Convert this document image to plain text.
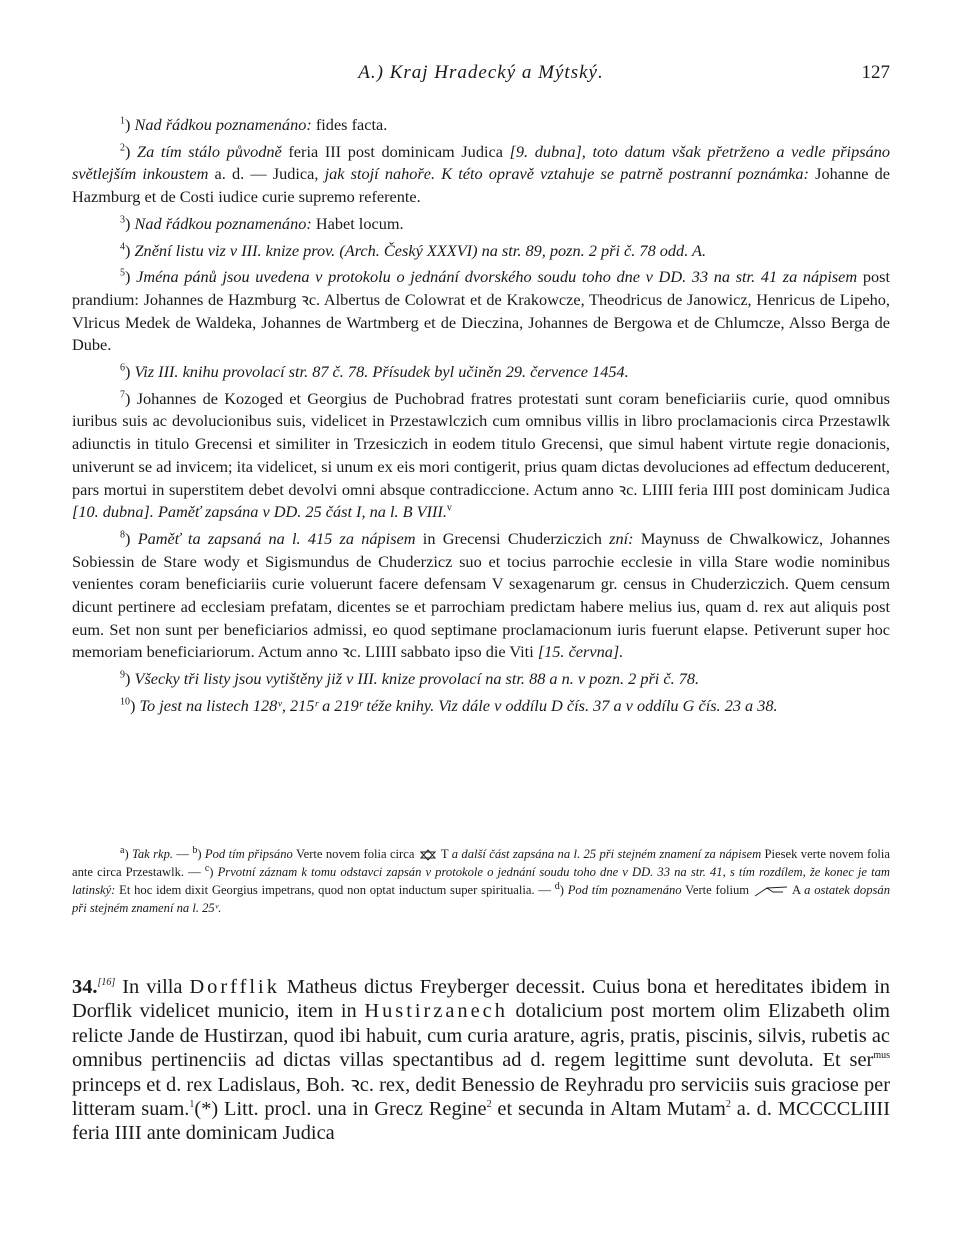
A.) Kraj Hradecký a Mýtský.	127

$^1$) Nad řádkou poznamenáno: fides facta.

$^2$) Za tím stálo původně feria III post dominicam Judica [9. dubna], toto datum však přetrženo a vedle připsáno světlejším inkoustem a. d. — Judica, jak stojí nahoře. K této opravě vztahuje se patrně postranní poznámka: Johanne de Hazmburg et de Costi iudice curie supremo referente.

$^3$) Nad řádkou poznamenáno: Habet locum.

$^4$) Znění listu viz v III. knize prov. (Arch. Český XXXVI) na str. 89, pozn. 2 při č. 78 odd. A.

$^5$) Jména pánů jsou uvedena v protokolu o jednání dvorského soudu toho dne v DD. 33 na str. 41 za nápisem post prandium: Johannes de Hazmburg ꝛc. Albertus de Colowrat et de Krakowcze, Theodricus de Janowicz, Henricus de Lipeho, Vlricus Medek de Waldeka, Johannes de Wartmberg et de Dieczina, Johannes de Bergowa et de Chlumcze, Alsso Berga de Dube.

$^6$) Viz III. knihu provolací str. 87 č. 78. Přísudek byl učiněn 29. července 1454.

$^7$) Johannes de Kozoged et Georgius de Puchobrad fratres protestati sunt coram beneficiariis curie, quod omnibus iuribus suis ac devolucionibus suis, videlicet in Przestawlczich cum omnibus villis in libro proclamacionis circa Przestawlk adiunctis in titulo Grecensi et similiter in Trzesiczich in eodem titulo Grecensi, que simul habent virtute regie donacionis, univerunt se ad invicem; ita videlicet, si unum ex eis mori contigerit, prius quam dictas devoluciones ad effectum deducerent, pars mortui in superstitem debet devolvi omni absque contradiccione. Actum anno ꝛc. LIIII feria IIII post dominicam Judica [10. dubna]. Paměť zapsána v DD. 25 část I, na l. B VIII.$^v$

$^8$) Paměť ta zapsaná na l. 415 za nápisem in Grecensi Chuderziczich zní: Maynuss de Chwalkowicz, Johannes Sobiessin de Stare wody et Sigismundus de Chuderzicz suo et tocius parrochie ecclesie in villa Stare wodie nominibus venientes coram beneficiariis curie voluerunt facere defensam V sexagenarum gr. census in Chuderziczich. Quem censum dicunt pertinere ad ecclesiam prefatam, dicentes se et parrochiam predictam habere melius ius, quam d. rex aut aliquis post eum. Set non sunt per beneficiarios admissi, eo quod septimane proclamacionum iuris fuerunt elapse. Petiverunt super hoc memoriam beneficiariorum. Actum anno ꝛc. LIIII sabbato ipso die Viti [15. června].

$^9$) Všecky tři listy jsou vytištěny již v III. knize provolací na str. 88 a n. v pozn. 2 při č. 78.

$^{10}$) To jest na listech 128ᵛ, 215ʳ a 219ʳ téže knihy. Viz dále v oddílu D čís. 37 a v oddílu G čís. 23 a 38.

$^a$) Tak rkp. — $^b$) Pod tím připsáno Verte novem folia circa T a další část zapsána na l. 25 při stejném znamení za nápisem Piesek verte novem folia ante circa Przestawlk. — $^c$) Prvotní záznam k tomu odstavci zapsán v protokole o jednání soudu toho dne v DD. 33 na str. 41, s tím rozdílem, že konec je tam latinský: Et hoc idem dixit Georgius impetrans, quod non optat inductum super spiritualia. — $^d$) Pod tím poznamenáno Verte folium	A a ostatek dopsán při stejném znamení na l. 25ᵛ.

34.[16] In villa Dorfflik Matheus dictus Freyberger decessit. Cuius bona et hereditates ibidem in Dorflik videlicet municio, item in Hustirzanech dotalicium post mortem olim Elizabeth olim relicte Jande de Hustirzan, quod ibi habuit, cum curia arature, agris, pratis, piscinis, silvis, rubetis ac omnibus pertinenciis ad dictas villas spectantibus ad d. regem legittime sunt devoluta. Et ser$^{mus}$ princeps et d. rex Ladislaus, Boh. ꝛc. rex, dedit Benessio de Reyhradu pro serviciis suis graciose per litteram suam.$^1$(*) Litt. procl. una in Grecz Regine$^2$ et secunda in Altam Mutam$^2$ a. d. MCCCCLIIII feria IIII ante dominicam Judica
